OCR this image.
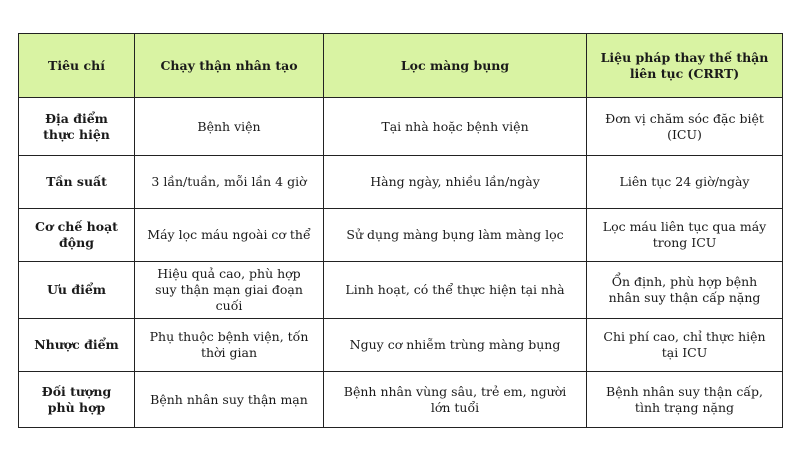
Tiêu chí	Chạy thận nhân tạo	Lọc màng bụng	Liệu pháp thay thế thận liên tục (CRRT)
Địa điểm thực hiện	Bệnh viện	Tại nhà hoặc bệnh viện	Đơn vị chăm sóc đặc biệt (ICU)
Tần suất	3 lần/tuần, mỗi lần 4 giờ	Hàng ngày, nhiều lần/ngày	Liên tục 24 giờ/ngày
Cơ chế hoạt động	Máy lọc máu ngoài cơ thể	Sử dụng màng bụng làm màng lọc	Lọc máu liên tục qua máy trong ICU
Ưu điểm	Hiệu quả cao, phù hợp suy thận mạn giai đoạn cuối	Linh hoạt, có thể thực hiện tại nhà	Ổn định, phù hợp bệnh nhân suy thận cấp nặng
Nhược điểm	Phụ thuộc bệnh viện, tốn thời gian	Nguy cơ nhiễm trùng màng bụng	Chi phí cao, chỉ thực hiện tại ICU
Đối tượng phù hợp	Bệnh nhân suy thận mạn	Bệnh nhân vùng sâu, trẻ em, người lớn tuổi	Bệnh nhân suy thận cấp, tình trạng nặng
